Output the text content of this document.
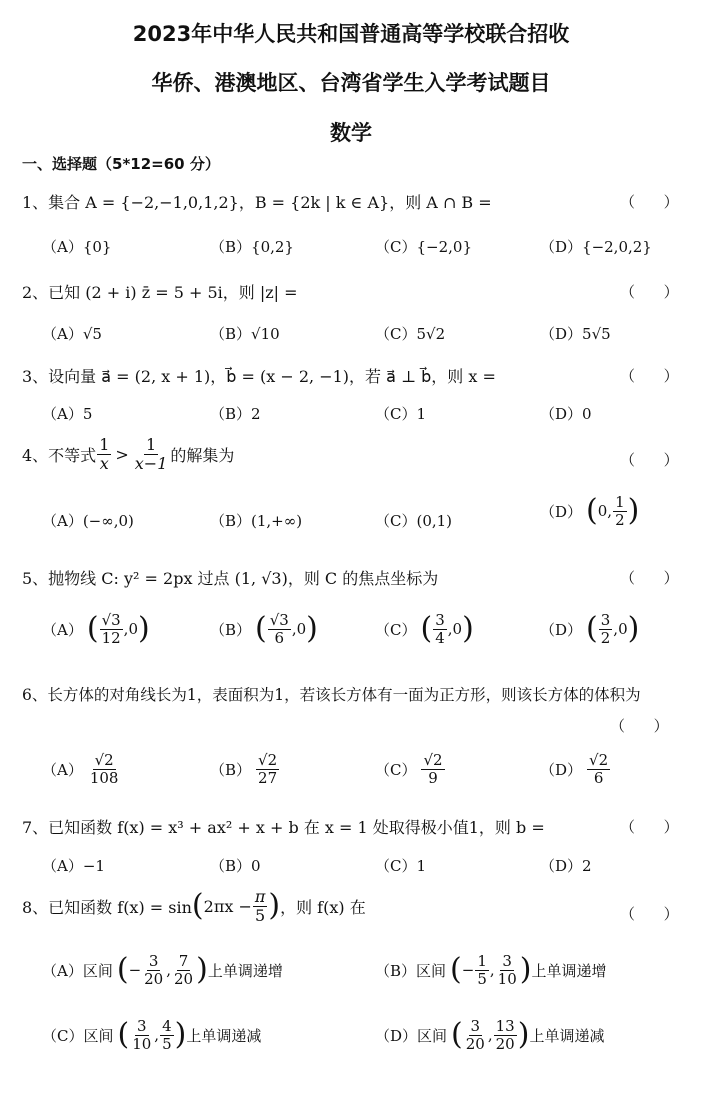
2023年中华人民共和国普通高等学校联合招收
华侨、港澳地区、台湾省学生入学考试题目
数学
一、选择题（5*12=60 分）
1、集合 A = {−2,−1,0,1,2}，B = {2k | k ∈ A}，则 A ∩ B =	（      ）
（A）{0}	（B）{0,2}	（C）{−2,0}	（D）{−2,0,2}
2、已知 (2 + i) z̄ = 5 + 5i，则 |z| =	（      ）
（A）√5	（B）√10	（C）5√2	（D）5√5
3、设向量 a⃗ = (2, x + 1)，b⃗ = (x − 2, −1)，若 a⃗ ⊥ b⃗，则 x =	（      ）
（A）5	（B）2	（C）1	（D）0
4、不等式 $\frac{1}{x} > \frac{1}{x-1}$ 的解集为	（      ）
（A）(−∞,0)	（B）(1,+∞)	（C）(0,1)
（D） ( 0, $\frac{1}{2}$ )
5、抛物线 C: y² = 2px 过点 (1, √3)，则 C 的焦点坐标为	（      ）
（A） ( $\frac{√3}{12} ,0$ )	（B） ( $\frac{√3}{6} ,0$ )	（C） ( $\frac{3}{4} ,0$ )	（D） ( $\frac{3}{2} ,0$ )
6、长方体的对角线长为1，表面积为1，若该长方体有一面为正方形，则该长方体的体积为
（      ）
$(A) \frac{√2}{108}$	$(B) \frac{√2}{27}$	$(C) \frac{√2}{9}$	$(D) \frac{√2}{6}$
7、已知函数 f(x) = x³ + ax² + x + b 在 x = 1 处取得极小值1，则 b =	（      ）
（A）−1	（B）0	（C）1	（D）2
8、已知函数 f(x) = sin ( $2\pi x - \frac{\pi}{5}$ ) ，则 f(x) 在	（      ）
（A）区间 ( − $\frac{3}{20}$ , $\frac{7}{20}$ ) 上单调递增	（B）区间 ( − $\frac{1}{5}$ , $\frac{3}{10}$ ) 上单调递增
（C）区间 ( $\frac{3}{10}$ , $\frac{4}{5}$ ) 上单调递减	（D）区间 ( $\frac{3}{20}$ , $\frac{13}{20}$ ) 上单调递减
